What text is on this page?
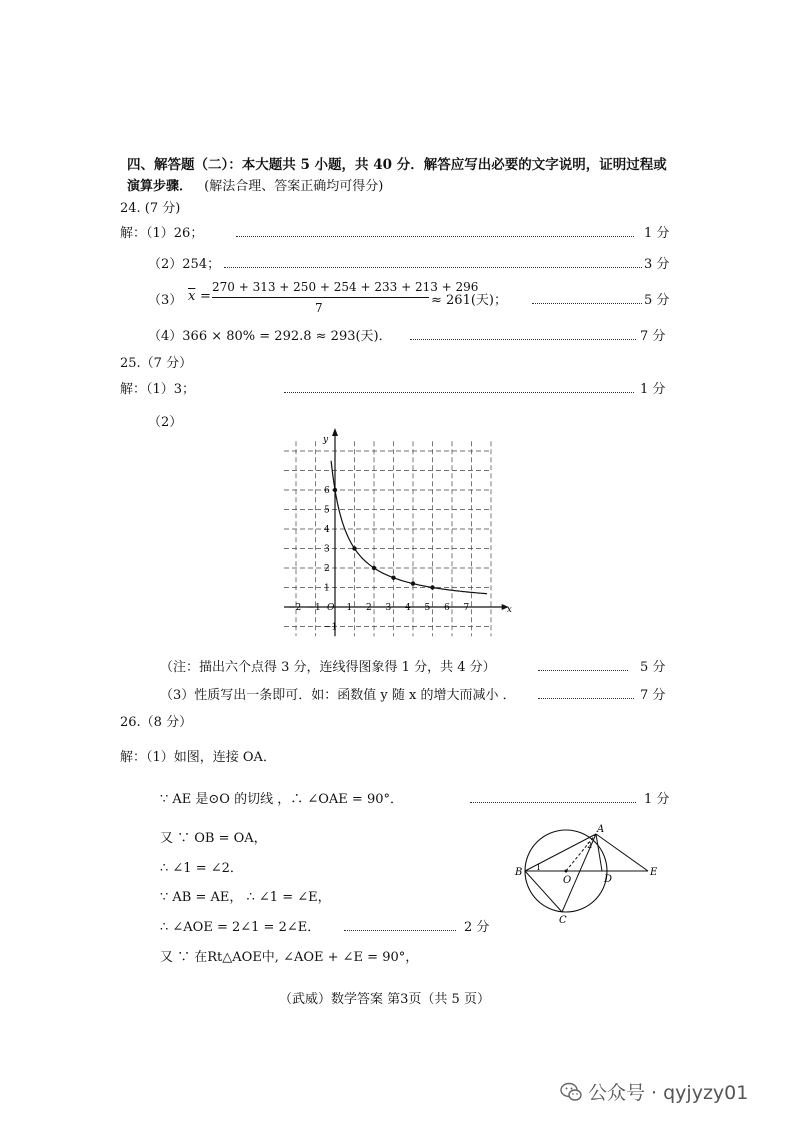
四、解答题（二）：本大题共 5 小题，共 40 分．解答应写出必要的文字说明，证明过程或
演算步骤． (解法合理、答案正确均可得分)
24. (7 分)
解：（1）26；	1 分
（2）254；	3 分
（3） $\overline{x}$ =
270 + 313 + 250 + 254 + 233 + 213 + 296
7	≈ 261(天)；	5 分
（4）366 × 80% = 292.8 ≈ 293(天)．	7 分
25.（7 分）
解：（1）3；	1 分
（2）
x
y
−2 −1 O 1 2 3 4 5 6 7
−1
1
2
3
4
5
6
（注：描出六个点得 3 分，连线得图象得 1 分，共 4 分）	5 分
（3）性质写出一条即可．如：函数值 y 随 x 的增大而减小 ．	7 分
26.（8 分）
解：（1）如图，连接 OA．
∵ AE 是⊙O 的切线 ，∴ ∠OAE = 90°．	1 分
又 ∵ OB = OA，
∴ ∠1 = ∠2．
∵ AB = AE， ∴ ∠1 = ∠E，
∴ ∠AOE = 2∠1 = 2∠E．	2 分
又 ∵ 在Rt△AOE中, ∠AOE + ∠E = 90°，
A
B
C
D
E
O
1
2
（武威）数学答案 第3页（共 5 页）
公众号 · qyjyzy01
